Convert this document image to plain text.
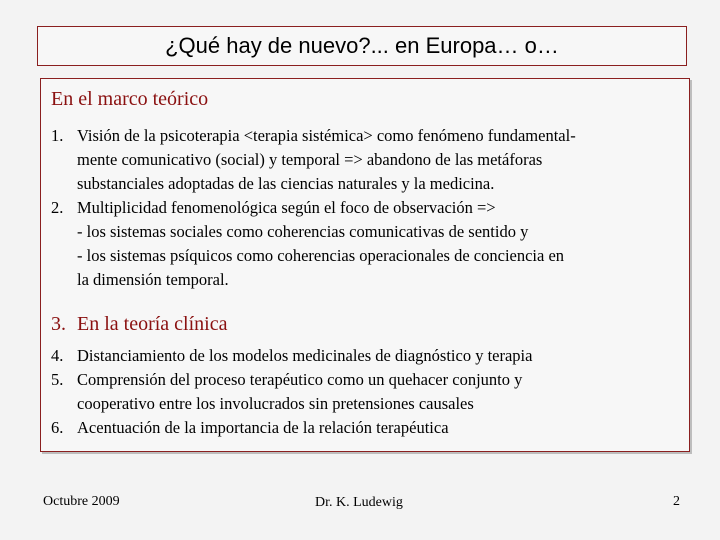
¿Qué hay de nuevo?... en Europa… o…
En el marco teórico
1. Visión de la psicoterapia <terapia sistémica> como fenómeno fundamental-
mente comunicativo (social) y temporal => abandono de las metáforas
substanciales adoptadas de las ciencias naturales y la medicina.
2. Multiplicidad fenomenológica según el foco de observación =>
- los sistemas sociales como coherencias comunicativas de sentido y
- los sistemas psíquicos como coherencias operacionales de conciencia en
la dimensión temporal.
3. En la teoría clínica
4. Distanciamiento de los modelos medicinales de diagnóstico y terapia
5. Comprensión del proceso terapéutico como un quehacer conjunto y
cooperativo entre los involucrados sin pretensiones causales
6. Acentuación de la importancia de la relación terapéutica
Octubre 2009	Dr. K. Ludewig	2
